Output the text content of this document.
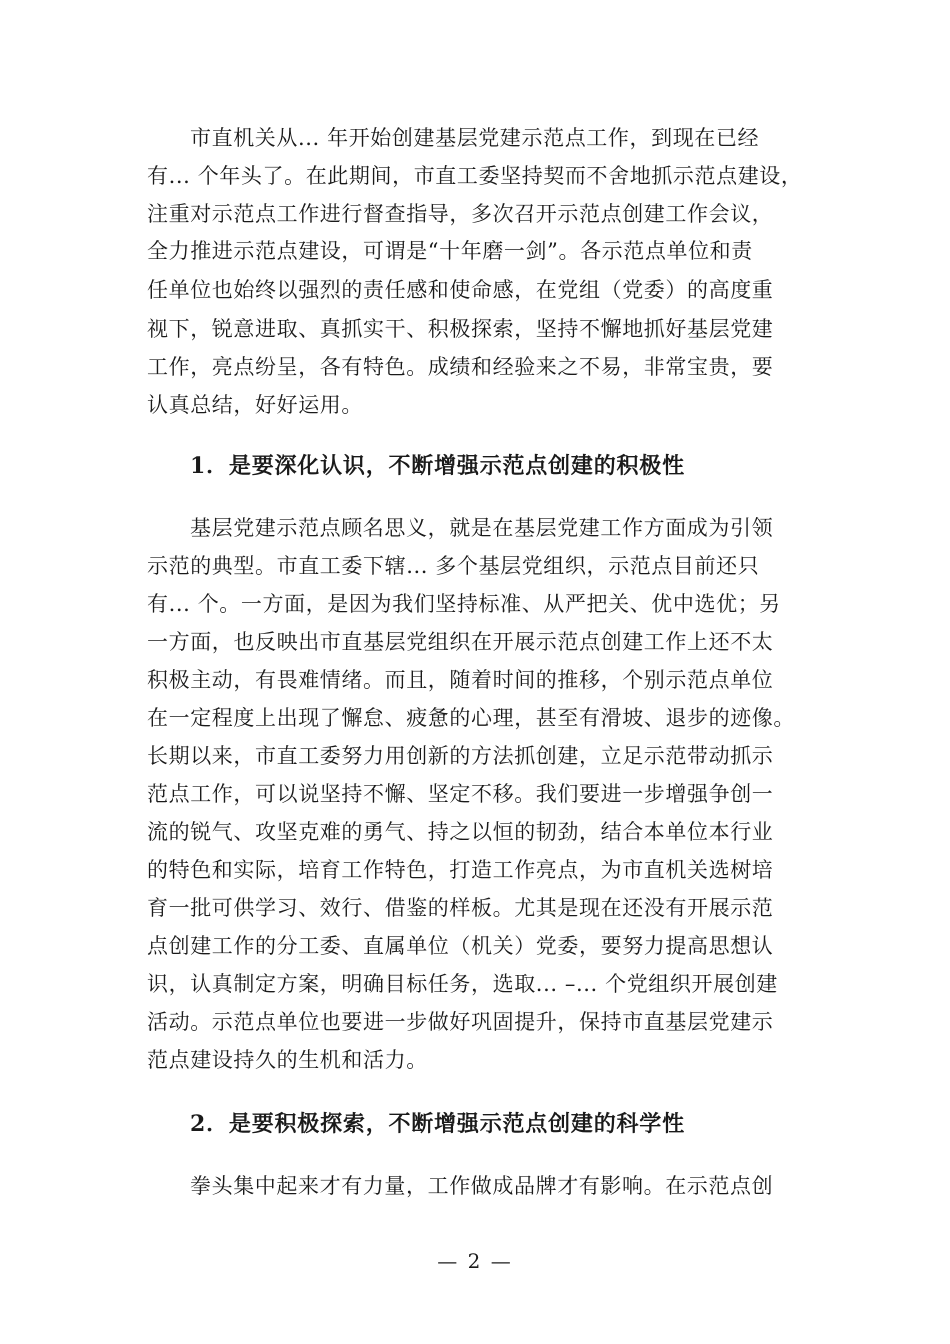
市直机关从... 年开始创建基层党建示范点工作，到现在已经
有... 个年头了。在此期间，市直工委坚持契而不舍地抓示范点建设，
注重对示范点工作进行督查指导，多次召开示范点创建工作会议，
全力推进示范点建设，可谓是“十年磨一剑”。各示范点单位和责
任单位也始终以强烈的责任感和使命感，在党组（党委）的高度重
视下，锐意进取、真抓实干、积极探索，坚持不懈地抓好基层党建
工作，亮点纷呈，各有特色。成绩和经验来之不易，非常宝贵，要
认真总结，好好运用。
1．是要深化认识，不断增强示范点创建的积极性
基层党建示范点顾名思义，就是在基层党建工作方面成为引领
示范的典型。市直工委下辖... 多个基层党组织，示范点目前还只
有... 个。一方面，是因为我们坚持标准、从严把关、优中选优；另
一方面，也反映出市直基层党组织在开展示范点创建工作上还不太
积极主动，有畏难情绪。而且，随着时间的推移，个别示范点单位
在一定程度上出现了懈怠、疲惫的心理，甚至有滑坡、退步的迹像。
长期以来，市直工委努力用创新的方法抓创建，立足示范带动抓示
范点工作，可以说坚持不懈、坚定不移。我们要进一步增强争创一
流的锐气、攻坚克难的勇气、持之以恒的韧劲，结合本单位本行业
的特色和实际，培育工作特色，打造工作亮点，为市直机关选树培
育一批可供学习、效行、借鉴的样板。尤其是现在还没有开展示范
点创建工作的分工委、直属单位（机关）党委，要努力提高思想认
识，认真制定方案，明确目标任务，选取... –... 个党组织开展创建
活动。示范点单位也要进一步做好巩固提升，保持市直基层党建示
范点建设持久的生机和活力。
2．是要积极探索，不断增强示范点创建的科学性
拳头集中起来才有力量，工作做成品牌才有影响。在示范点创
— 2 —
